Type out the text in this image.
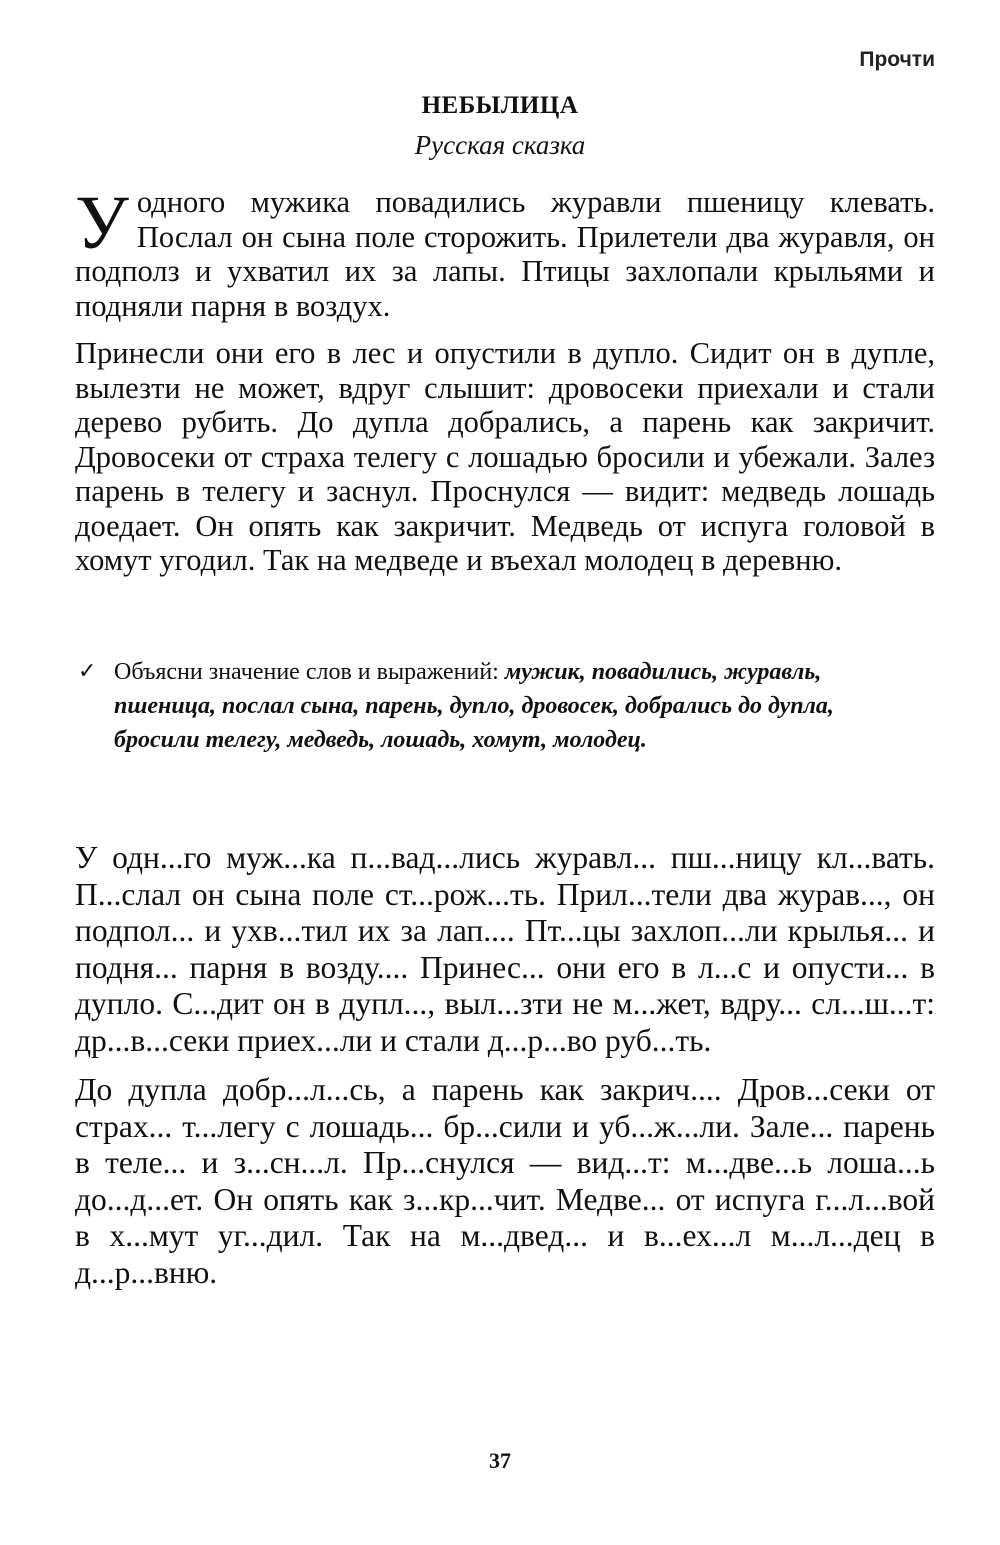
Прочти
НЕБЫЛИЦА
Русская сказка

У одного мужика повадились журавли пшеницу клевать. Послал он сына поле сторожить. Прилетели два журавля, он подполз и ухватил их за лапы. Птицы захлопали крыльями и подняли парня в воздух.

Принесли они его в лес и опустили в дупло. Сидит он в дупле, вылезти не может, вдруг слышит: дровосеки приехали и стали дерево рубить. До дупла добрались, а парень как закричит. Дровосеки от страха телегу с лошадью бросили и убежали. Залез парень в телегу и заснул. Проснулся — видит: медведь лошадь доедает. Он опять как закричит. Медведь от испуга головой в хомут угодил. Так на медведе и въехал молодец в деревню.

✓ Объясни значение слов и выражений: мужик, повадились, журавль, пшеница, послал сына, парень, дупло, дровосек, добрались до дупла, бросили телегу, медведь, лошадь, хомут, молодец.

У одн...го муж...ка п...вад...лись журавл... пш...ницу кл...вать. П...слал он сына поле ст...рож...ть. Прил...тели два журав..., он подпол... и ухв...тил их за лап.... Пт...цы захлоп...ли крылья... и подня... парня в возду.... Принес... они его в л...с и опусти... в дупло. С...дит он в дупл..., выл...зти не м...жет, вдру... сл...ш...т: др...в...секи приех...ли и стали д...р...во руб...ть.

До дупла добр...л...сь, а парень как закрич.... Дров...секи от страх... т...легу с лошадь... бр...сили и уб...ж...ли. Зале... парень в теле... и з...сн...л. Пр...снулся — вид...т: м...две...ь лоша...ь до...д...ет. Он опять как з...кр...чит. Медве... от испуга г...л...вой в х...мут уг...дил. Так на м...двед... и в...ех...л м...л...дец в д...р...вню.

37
